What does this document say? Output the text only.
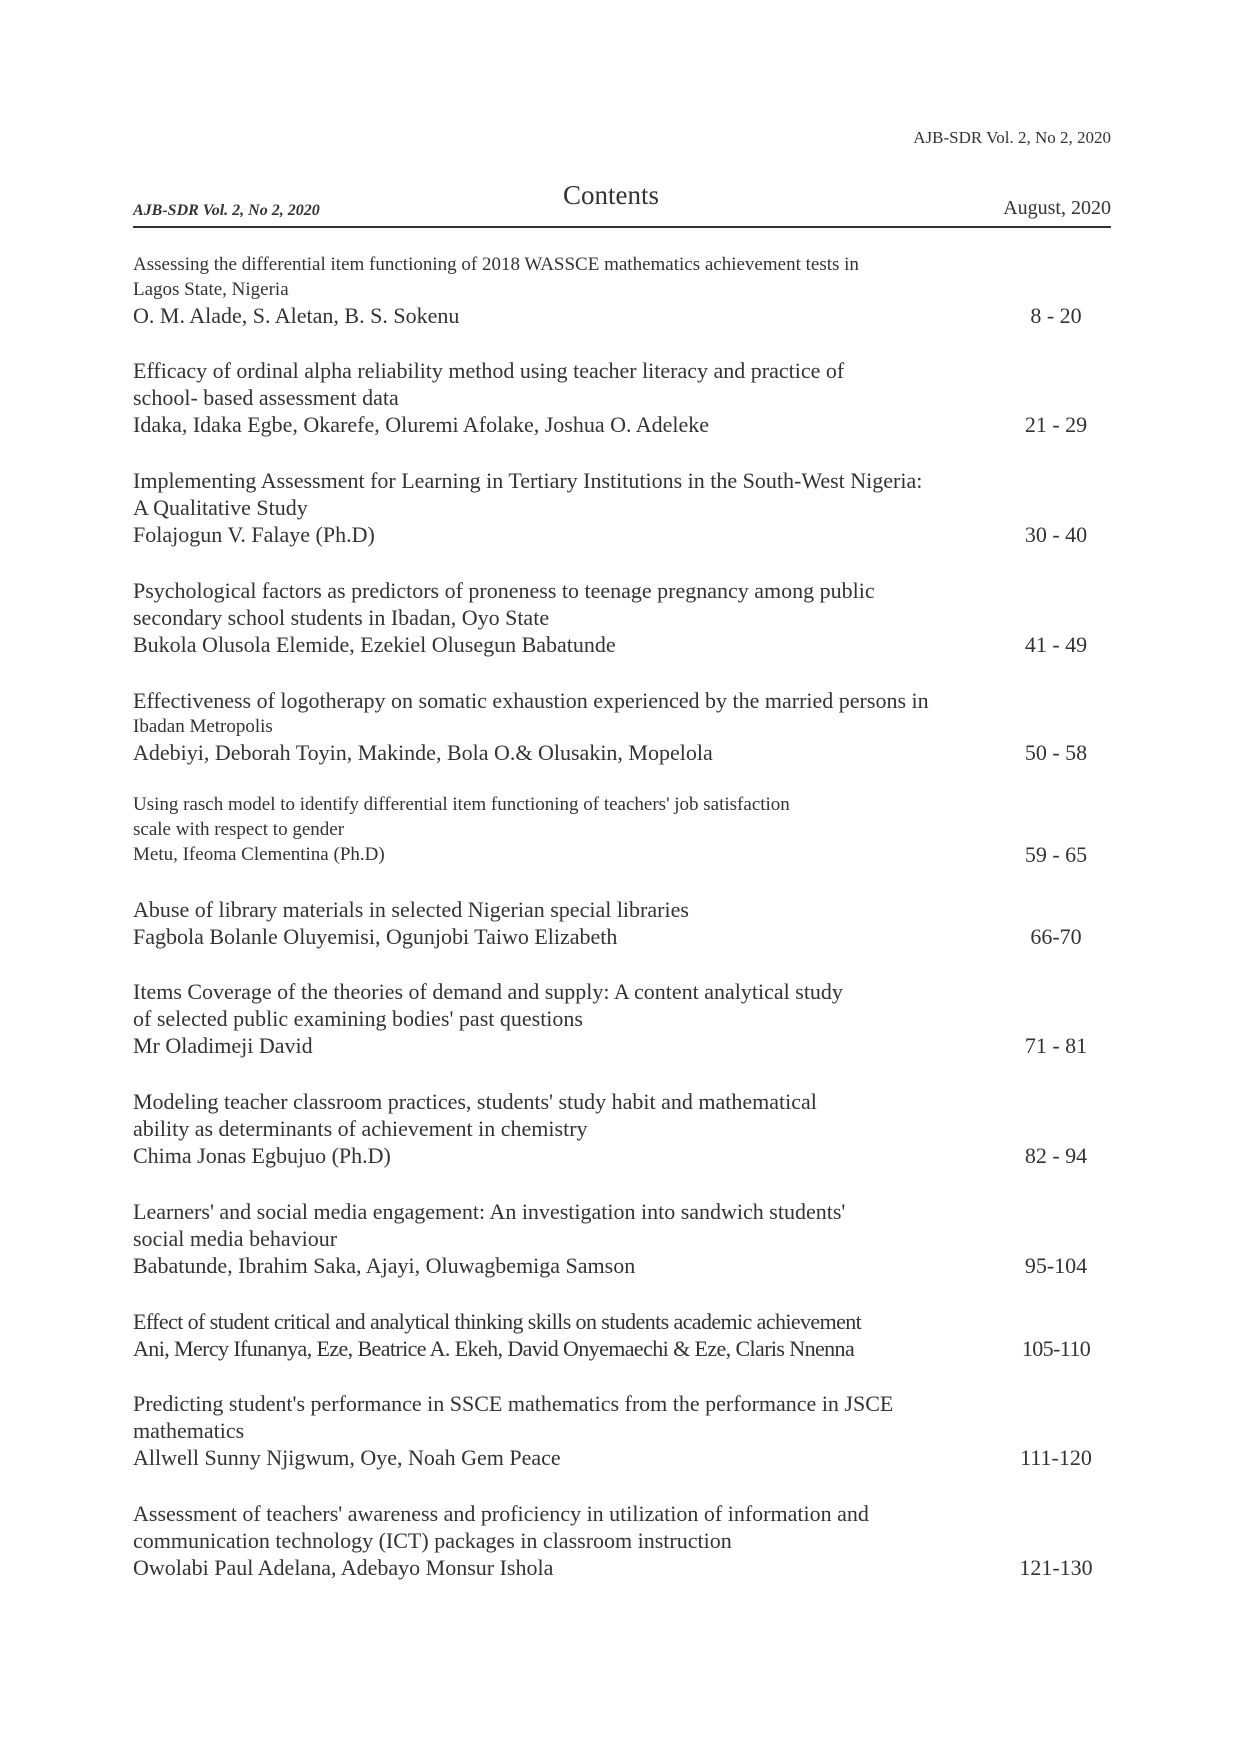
AJB-SDR Vol. 2, No 2, 2020
AJB-SDR Vol. 2, No 2, 2020
Contents	August, 2020
Assessing the differential item functioning of 2018 WASSCE mathematics achievement tests in
Lagos State, Nigeria
O. M. Alade, S. Aletan, B. S. Sokenu	8 - 20
Efficacy of ordinal alpha reliability method using teacher literacy and practice of
school- based assessment data
Idaka, Idaka Egbe, Okarefe, Oluremi Afolake, Joshua O. Adeleke	21 - 29
Implementing Assessment for Learning in Tertiary Institutions in the South-West Nigeria:
A Qualitative Study
Folajogun V. Falaye (Ph.D)	30 - 40
Psychological factors as predictors of proneness to teenage pregnancy among public
secondary school students in Ibadan, Oyo State
Bukola Olusola Elemide, Ezekiel Olusegun Babatunde	41 - 49
Effectiveness of logotherapy on somatic exhaustion experienced by the married persons in
Ibadan Metropolis
Adebiyi, Deborah Toyin, Makinde, Bola O.& Olusakin, Mopelola	50 - 58
Using rasch model to identify differential item functioning of teachers' job satisfaction
scale with respect to gender
Metu, Ifeoma Clementina (Ph.D)	59 - 65
Abuse of library materials in selected Nigerian special libraries
Fagbola Bolanle Oluyemisi, Ogunjobi Taiwo Elizabeth	66-70
Items Coverage of the theories of demand and supply: A content analytical study
of selected public examining bodies' past questions
Mr Oladimeji David	71 - 81
Modeling teacher classroom practices, students' study habit and mathematical
ability as determinants of achievement in chemistry
Chima Jonas Egbujuo (Ph.D)	82 - 94
Learners' and social media engagement: An investigation into sandwich students'
social media behaviour
Babatunde, Ibrahim Saka, Ajayi, Oluwagbemiga Samson	95-104
Effect of student critical and analytical thinking skills on students academic achievement
Ani, Mercy Ifunanya, Eze, Beatrice A. Ekeh, David Onyemaechi & Eze, Claris Nnenna	105-110
Predicting student's performance in SSCE mathematics from the performance in JSCE
mathematics
Allwell Sunny Njigwum, Oye, Noah Gem Peace	111-120
Assessment of teachers' awareness and proficiency in utilization of information and
communication technology (ICT) packages in classroom instruction
Owolabi Paul Adelana, Adebayo Monsur Ishola	121-130
